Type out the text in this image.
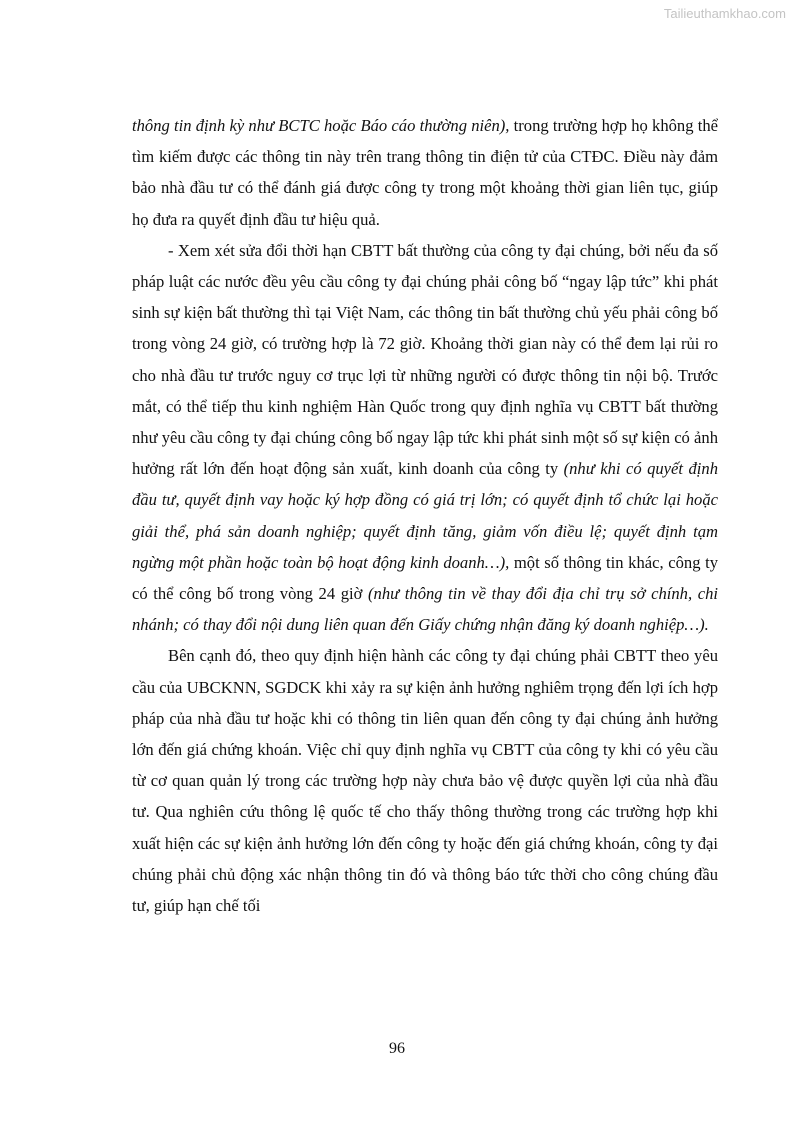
Tailieuthamkhao.com

thông tin định kỳ như BCTC hoặc Báo cáo thường niên), trong trường hợp họ không thể tìm kiếm được các thông tin này trên trang thông tin điện tử của CTĐC. Điều này đảm bảo nhà đầu tư có thể đánh giá được công ty trong một khoảng thời gian liên tục, giúp họ đưa ra quyết định đầu tư hiệu quả.

- Xem xét sửa đổi thời hạn CBTT bất thường của công ty đại chúng, bởi nếu đa số pháp luật các nước đều yêu cầu công ty đại chúng phải công bố “ngay lập tức” khi phát sinh sự kiện bất thường thì tại Việt Nam, các thông tin bất thường chủ yếu phải công bố trong vòng 24 giờ, có trường hợp là 72 giờ. Khoảng thời gian này có thể đem lại rủi ro cho nhà đầu tư trước nguy cơ trục lợi từ những người có được thông tin nội bộ. Trước mắt, có thể tiếp thu kinh nghiệm Hàn Quốc trong quy định nghĩa vụ CBTT bất thường như yêu cầu công ty đại chúng công bố ngay lập tức khi phát sinh một số sự kiện có ảnh hưởng rất lớn đến hoạt động sản xuất, kinh doanh của công ty (như khi có quyết định đầu tư, quyết định vay hoặc ký hợp đồng có giá trị lớn; có quyết định tổ chức lại hoặc giải thể, phá sản doanh nghiệp; quyết định tăng, giảm vốn điều lệ; quyết định tạm ngừng một phần hoặc toàn bộ hoạt động kinh doanh…), một số thông tin khác, công ty có thể công bố trong vòng 24 giờ (như thông tin về thay đổi địa chỉ trụ sở chính, chi nhánh; có thay đổi nội dung liên quan đến Giấy chứng nhận đăng ký doanh nghiệp…).

Bên cạnh đó, theo quy định hiện hành các công ty đại chúng phải CBTT theo yêu cầu của UBCKNN, SGDCK khi xảy ra sự kiện ảnh hưởng nghiêm trọng đến lợi ích hợp pháp của nhà đầu tư hoặc khi có thông tin liên quan đến công ty đại chúng ảnh hưởng lớn đến giá chứng khoán. Việc chỉ quy định nghĩa vụ CBTT của công ty khi có yêu cầu từ cơ quan quản lý trong các trường hợp này chưa bảo vệ được quyền lợi của nhà đầu tư. Qua nghiên cứu thông lệ quốc tế cho thấy thông thường trong các trường hợp khi xuất hiện các sự kiện ảnh hưởng lớn đến công ty hoặc đến giá chứng khoán, công ty đại chúng phải chủ động xác nhận thông tin đó và thông báo tức thời cho công chúng đầu tư, giúp hạn chế tối

96
